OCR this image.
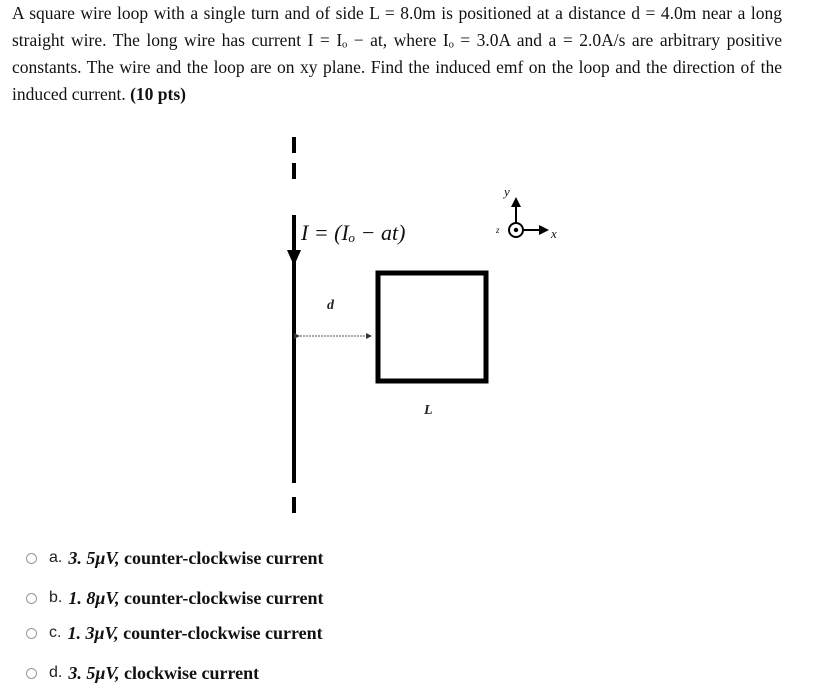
A square wire loop with a single turn and of side L = 8.0m is positioned at a distance d = 4.0m near a long straight wire. The long wire has current I = Iₒ − at, where Iₒ = 3.0A and a = 2.0A/s are arbitrary positive constants. The wire and the loop are on xy plane. Find the induced emf on the loop and the direction of the induced current. (10 pts)

I = (Iₒ − at)
d
L
y
x
z
a. 3. 5μV, counter-clockwise current
b. 1. 8μV, counter-clockwise current
c. 1. 3μV, counter-clockwise current
d. 3. 5μV, clockwise current
